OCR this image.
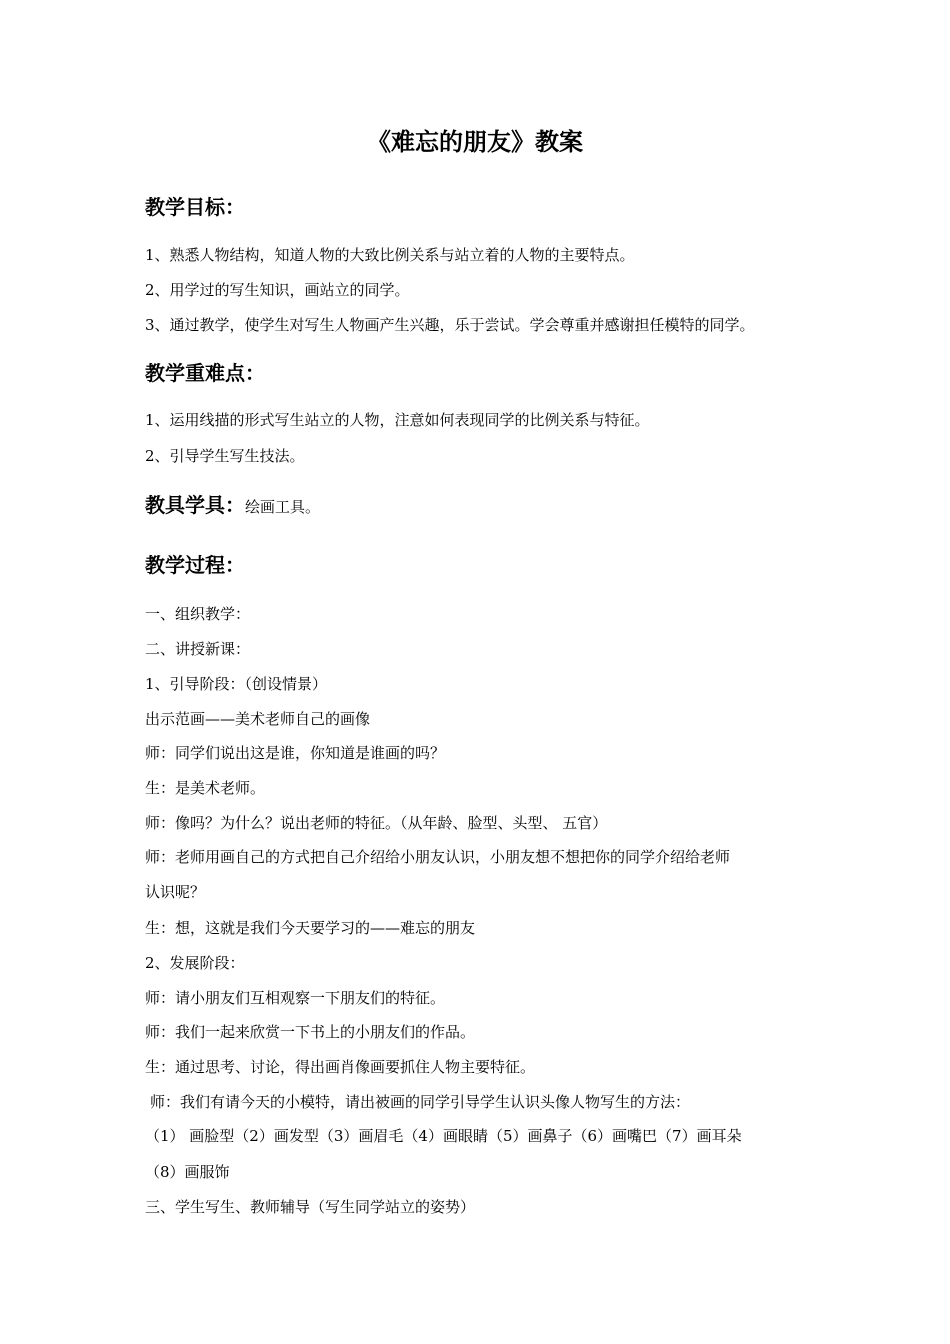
《难忘的朋友》教案
教学目标：
1、熟悉人物结构，知道人物的大致比例关系与站立着的人物的主要特点。
2、用学过的写生知识，画站立的同学。
3、通过教学，使学生对写生人物画产生兴趣，乐于尝试。学会尊重并感谢担任模特的同学。
教学重难点：
1、运用线描的形式写生站立的人物，注意如何表现同学的比例关系与特征。
2、引导学生写生技法。
教具学具：绘画工具。
教学过程：
一、组织教学：
二、讲授新课：
1、引导阶段：（创设情景）
出示范画——美术老师自己的画像
师：同学们说出这是谁，你知道是谁画的吗？
生：是美术老师。
师：像吗？为什么？说出老师的特征。（从年龄、脸型、头型、 五官）
师：老师用画自己的方式把自己介绍给小朋友认识，小朋友想不想把你的同学介绍给老师
认识呢？
生：想，这就是我们今天要学习的——难忘的朋友
2、发展阶段：
师：请小朋友们互相观察一下朋友们的特征。
师：我们一起来欣赏一下书上的小朋友们的作品。
生：通过思考、讨论，得出画肖像画要抓住人物主要特征。
师：我们有请今天的小模特，请出被画的同学引导学生认识头像人物写生的方法：
（1） 画脸型（2）画发型（3）画眉毛（4）画眼睛（5）画鼻子（6）画嘴巴（7）画耳朵
（8）画服饰
三、学生写生、教师辅导（写生同学站立的姿势）
